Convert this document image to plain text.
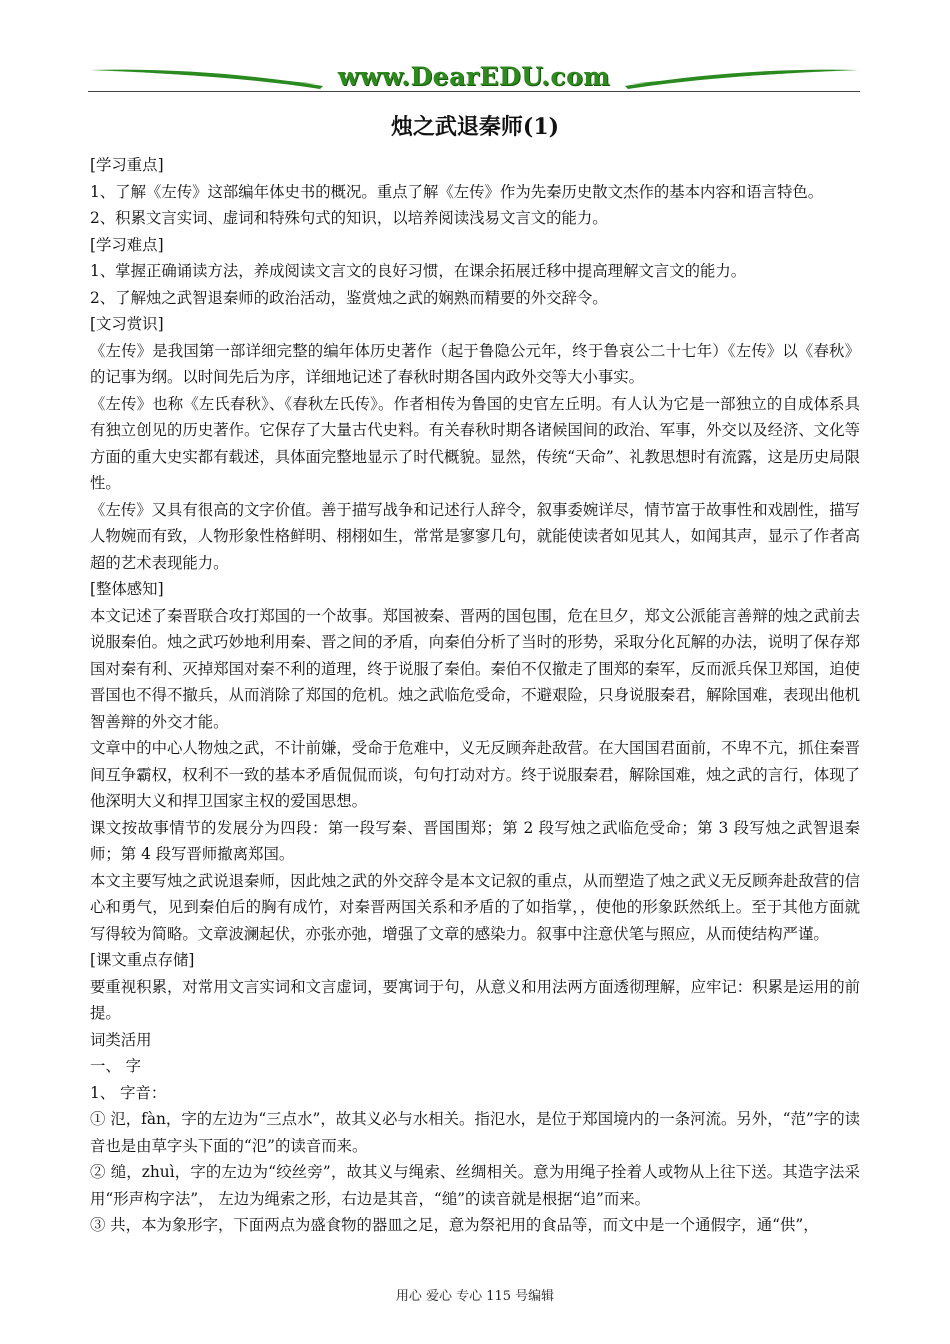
www.DearEDU.com
烛之武退秦师(1)

[学习重点]

1、了解《左传》这部编年体史书的概况。重点了解《左传》作为先秦历史散文杰作的基本内容和语言特色。

2、积累文言实词、虚词和特殊句式的知识，以培养阅读浅易文言文的能力。

[学习难点]

1、掌握正确诵读方法，养成阅读文言文的良好习惯，在课余拓展迁移中提高理解文言文的能力。

2、了解烛之武智退秦师的政治活动，鉴赏烛之武的娴熟而精要的外交辞令。

[文习赏识]

《左传》是我国第一部详细完整的编年体历史著作（起于鲁隐公元年，终于鲁哀公二十七年）《左传》以《春秋》的记事为纲。以时间先后为序，详细地记述了春秋时期各国内政外交等大小事实。

《左传》也称《左氏春秋》、《春秋左氏传》。作者相传为鲁国的史官左丘明。有人认为它是一部独立的自成体系具有独立创见的历史著作。它保存了大量古代史料。有关春秋时期各诸候国间的政治、军事，外交以及经济、文化等方面的重大史实都有载述，具体面完整地显示了时代概貌。显然，传统“天命”、礼教思想时有流露，这是历史局限性。

《左传》又具有很高的文字价值。善于描写战争和记述行人辞令，叙事委婉详尽，情节富于故事性和戏剧性，描写人物婉而有致，人物形象性格鲜明、栩栩如生，常常是寥寥几句，就能使读者如见其人，如闻其声，显示了作者高超的艺术表现能力。

[整体感知]

本文记述了秦晋联合攻打郑国的一个故事。郑国被秦、晋两的国包围，危在旦夕，郑文公派能言善辩的烛之武前去说服秦伯。烛之武巧妙地利用秦、晋之间的矛盾，向秦伯分析了当时的形势，采取分化瓦解的办法，说明了保存郑国对秦有利、灭掉郑国对秦不利的道理，终于说服了秦伯。秦伯不仅撤走了围郑的秦军，反而派兵保卫郑国，迫使晋国也不得不撤兵，从而消除了郑国的危机。烛之武临危受命，不避艰险，只身说服秦君，解除国难，表现出他机智善辩的外交才能。

文章中的中心人物烛之武，不计前嫌，受命于危难中，义无反顾奔赴敌营。在大国国君面前，不卑不亢，抓住秦晋间互争霸权，权利不一致的基本矛盾侃侃而谈，句句打动对方。终于说服秦君，解除国难，烛之武的言行，体现了他深明大义和捍卫国家主权的爱国思想。

课文按故事情节的发展分为四段：第一段写秦、晋国围郑；第 2 段写烛之武临危受命；第 3 段写烛之武智退秦师；第 4 段写晋师撤离郑国。

本文主要写烛之武说退秦师，因此烛之武的外交辞令是本文记叙的重点，从而塑造了烛之武义无反顾奔赴敌营的信心和勇气，见到秦伯后的胸有成竹，对秦晋两国关系和矛盾的了如指掌，，使他的形象跃然纸上。至于其他方面就写得较为简略。文章波澜起伏，亦张亦弛，增强了文章的感染力。叙事中注意伏笔与照应，从而使结构严谨。

[课文重点存储]

要重视积累，对常用文言实词和文言虚词，要寓词于句，从意义和用法两方面透彻理解，应牢记：积累是运用的前提。

词类活用

一、 字

1、 字音：

① 氾，fàn，字的左边为“三点水”，故其义必与水相关。指氾水，是位于郑国境内的一条河流。另外，“范”字的读音也是由草字头下面的“氾”的读音而来。

② 缒，zhuì，字的左边为“绞丝旁”，故其义与绳索、丝绸相关。意为用绳子拴着人或物从上往下送。其造字法采用“形声构字法”， 左边为绳索之形，右边是其音，“缒”的读音就是根据“追”而来。

③ 共，本为象形字，下面两点为盛食物的器皿之足，意为祭祀用的食品等，而文中是一个通假字，通“供”，

用心 爱心 专心 115 号编辑
